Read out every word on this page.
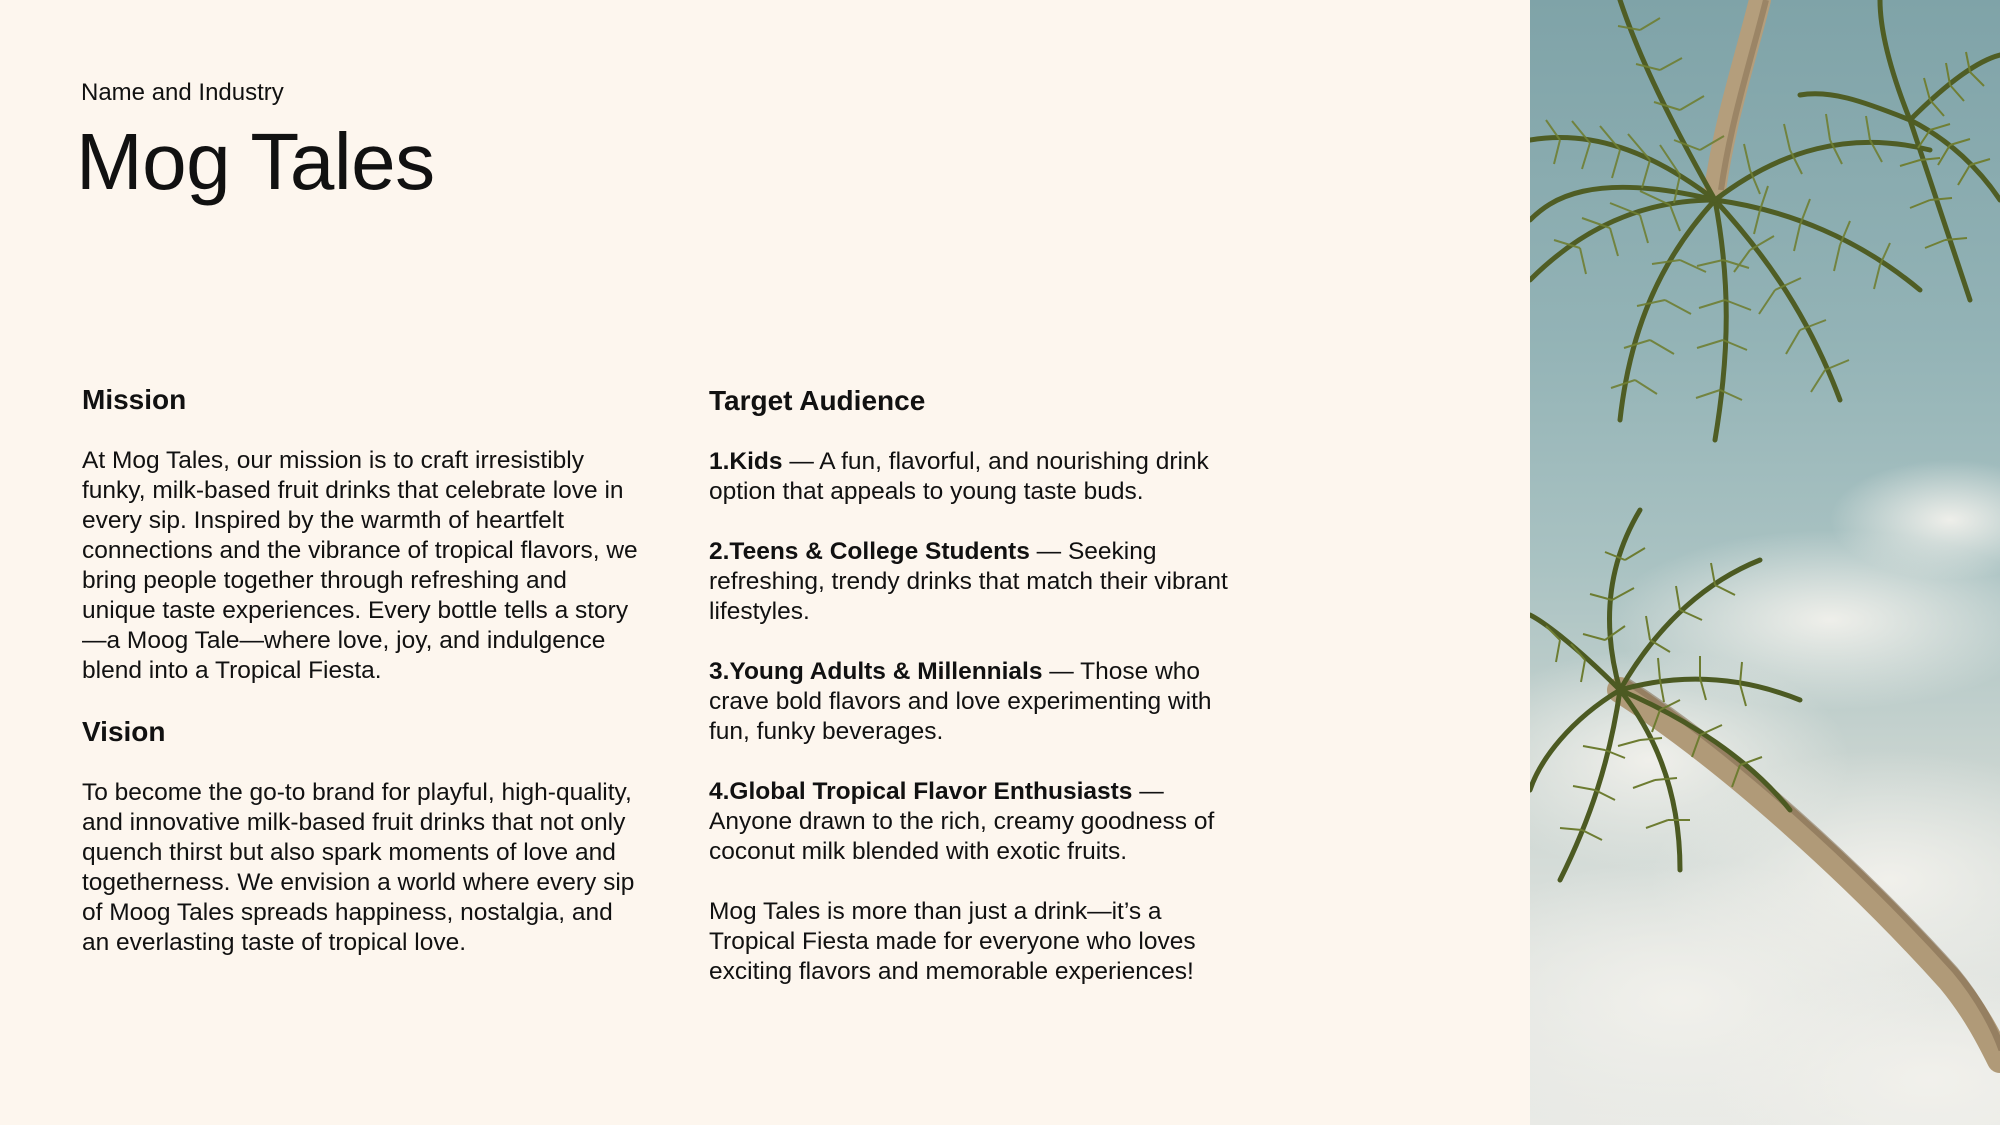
Name and Industry
Mog Tales
Mission

At Mog Tales, our mission is to craft irresistibly funky, milk-based fruit drinks that celebrate love in every sip. Inspired by the warmth of heartfelt connections and the vibrance of tropical flavors, we bring people together through refreshing and unique taste experiences. Every bottle tells a story—a Moog Tale—where love, joy, and indulgence blend into a Tropical Fiesta.

Vision

To become the go-to brand for playful, high-quality, and innovative milk-based fruit drinks that not only quench thirst but also spark moments of love and togetherness. We envision a world where every sip of Moog Tales spreads happiness, nostalgia, and an everlasting taste of tropical love.

Target Audience

1.Kids — A fun, flavorful, and nourishing drink option that appeals to young taste buds.

2.Teens & College Students — Seeking refreshing, trendy drinks that match their vibrant lifestyles.

3.Young Adults & Millennials — Those who crave bold flavors and love experimenting with fun, funky beverages.

4.Global Tropical Flavor Enthusiasts — Anyone drawn to the rich, creamy goodness of coconut milk blended with exotic fruits.

Mog Tales is more than just a drink—it’s a Tropical Fiesta made for everyone who loves exciting flavors and memorable experiences!
